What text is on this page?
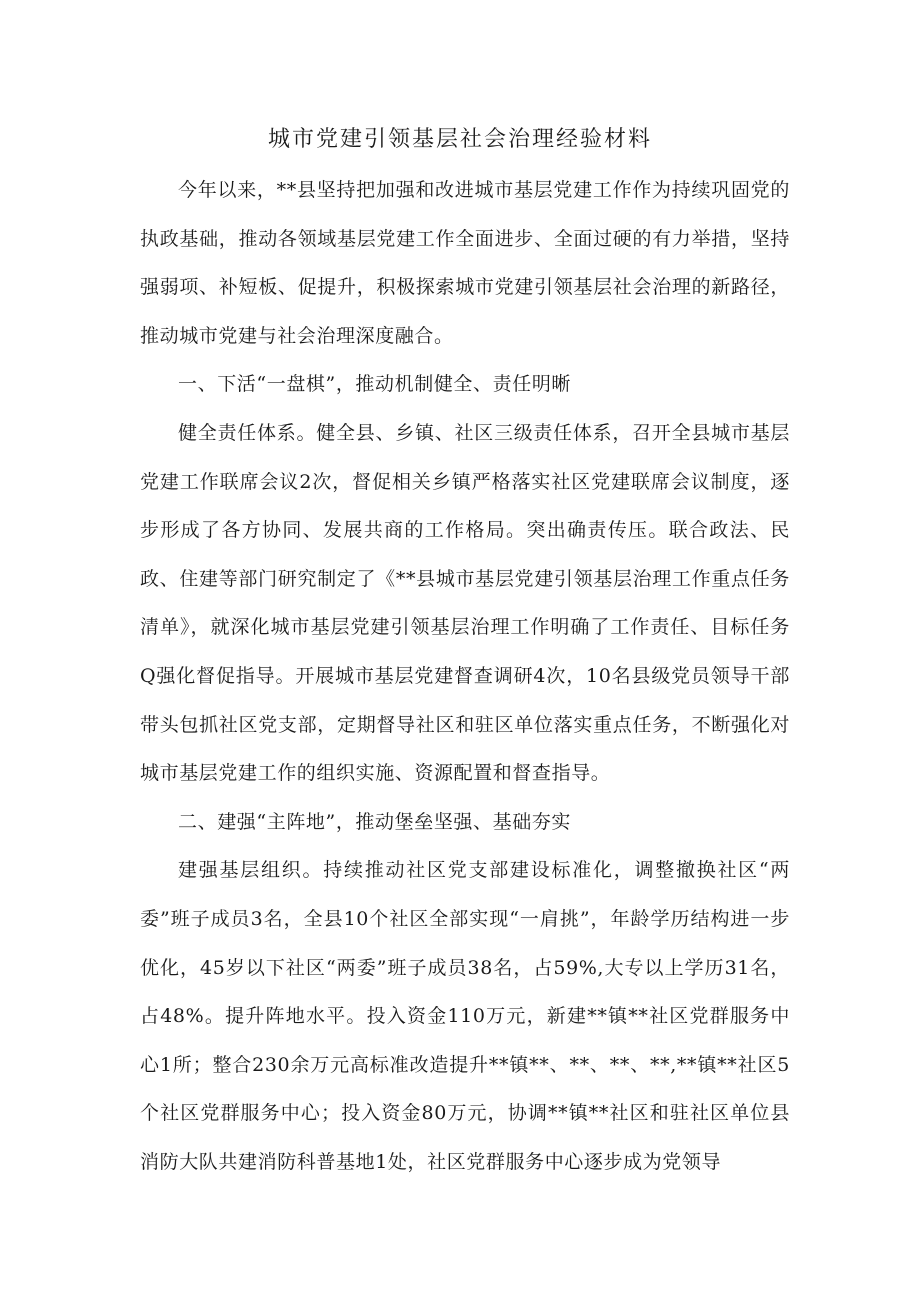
城市党建引领基层社会治理经验材料

今年以来，**县坚持把加强和改进城市基层党建工作作为持续巩固党的执政基础，推动各领域基层党建工作全面进步、全面过硬的有力举措，坚持强弱项、补短板、促提升，积极探索城市党建引领基层社会治理的新路径，推动城市党建与社会治理深度融合。

一、下活“一盘棋”，推动机制健全、责任明晰

健全责任体系。健全县、乡镇、社区三级责任体系，召开全县城市基层党建工作联席会议2次，督促相关乡镇严格落实社区党建联席会议制度，逐步形成了各方协同、发展共商的工作格局。突出确责传压。联合政法、民政、住建等部门研究制定了《**县城市基层党建引领基层治理工作重点任务清单》，就深化城市基层党建引领基层治理工作明确了工作责任、目标任务Q强化督促指导。开展城市基层党建督查调研4次，10名县级党员领导干部带头包抓社区党支部，定期督导社区和驻区单位落实重点任务，不断强化对城市基层党建工作的组织实施、资源配置和督查指导。

二、建强“主阵地”，推动堡垒坚强、基础夯实

建强基层组织。持续推动社区党支部建设标准化，调整撤换社区“两委”班子成员3名，全县10个社区全部实现“一肩挑”，年龄学历结构进一步优化，45岁以下社区“两委”班子成员38名，占59%,大专以上学历31名，占48%。提升阵地水平。投入资金110万元，新建**镇**社区党群服务中心1所；整合230余万元高标准改造提升**镇**、**、**、**,**镇**社区5个社区党群服务中心；投入资金80万元，协调**镇**社区和驻社区单位县消防大队共建消防科普基地1处，社区党群服务中心逐步成为党领导
